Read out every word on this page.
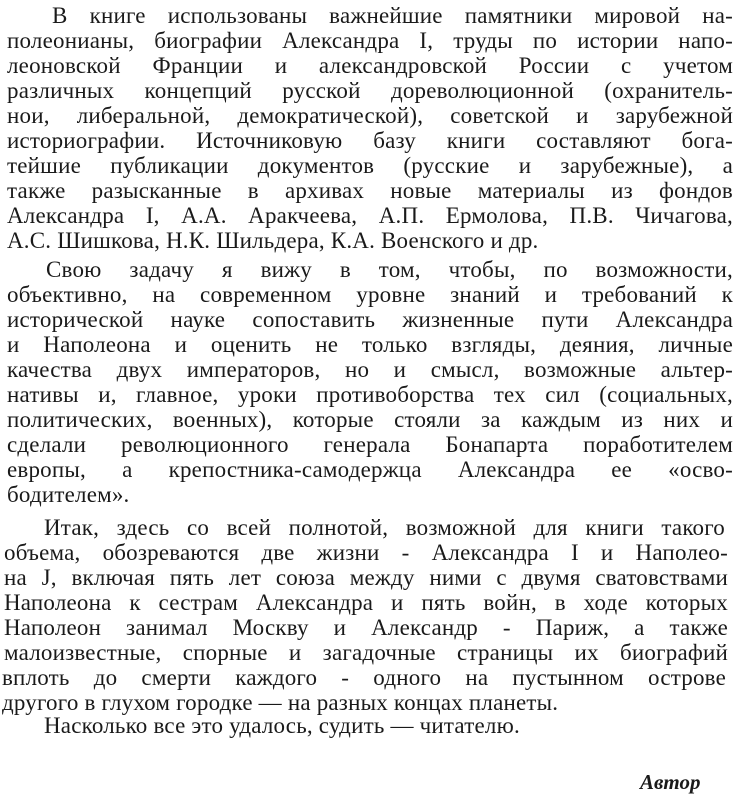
В книге использованы важнейшие памятники мировой на-
полеонианы, биографии Александра I, труды по истории напо-
леоновской Франции и александровской России с учетом
различных концепций русской дореволюционной (охранитель-
нои, либеральной, демократической), советской и зарубежной
историографии. Источниковую базу книги составляют бога-
тейшие публикации документов (русские и зарубежные), а
также разысканные в архивах новые материалы из фондов
Александра I, А.А. Аракчеева, А.П. Ермолова, П.В. Чичагова,
А.С. Шишкова, Н.К. Шильдера, К.А. Военского и др.
Свою задачу я вижу в том, чтобы, по возможности,
объективно, на современном уровне знаний и требований к
исторической науке сопоставить жизненные пути Александра
и Наполеона и оценить не только взгляды, деяния, личные
качества двух императоров, но и смысл, возможные альтер-
нативы и, главное, уроки противоборства тех сил (социальных,
политических, военных), которые стояли за каждым из них и
сделали революционного генерала Бонапарта поработителем
европы, а крепостника-самодержца Александра ее «осво-
бодителем».
Итак, здесь со всей полнотой, возможной для книги такого
объема, обозреваются две жизни - Александра I и Наполео-
на J, включая пять лет союза между ними с двумя сватовствами
Наполеона к сестрам Александра и пять войн, в ходе которых
Наполеон занимал Москву и Александр - Париж, а также
малоизвестные, спорные и загадочные страницы их биографий
вплоть до смерти каждого - одного на пустынном острове
другого в глухом городке — на разных концах планеты.
Насколько все это удалось, судить — читателю.
Автор
